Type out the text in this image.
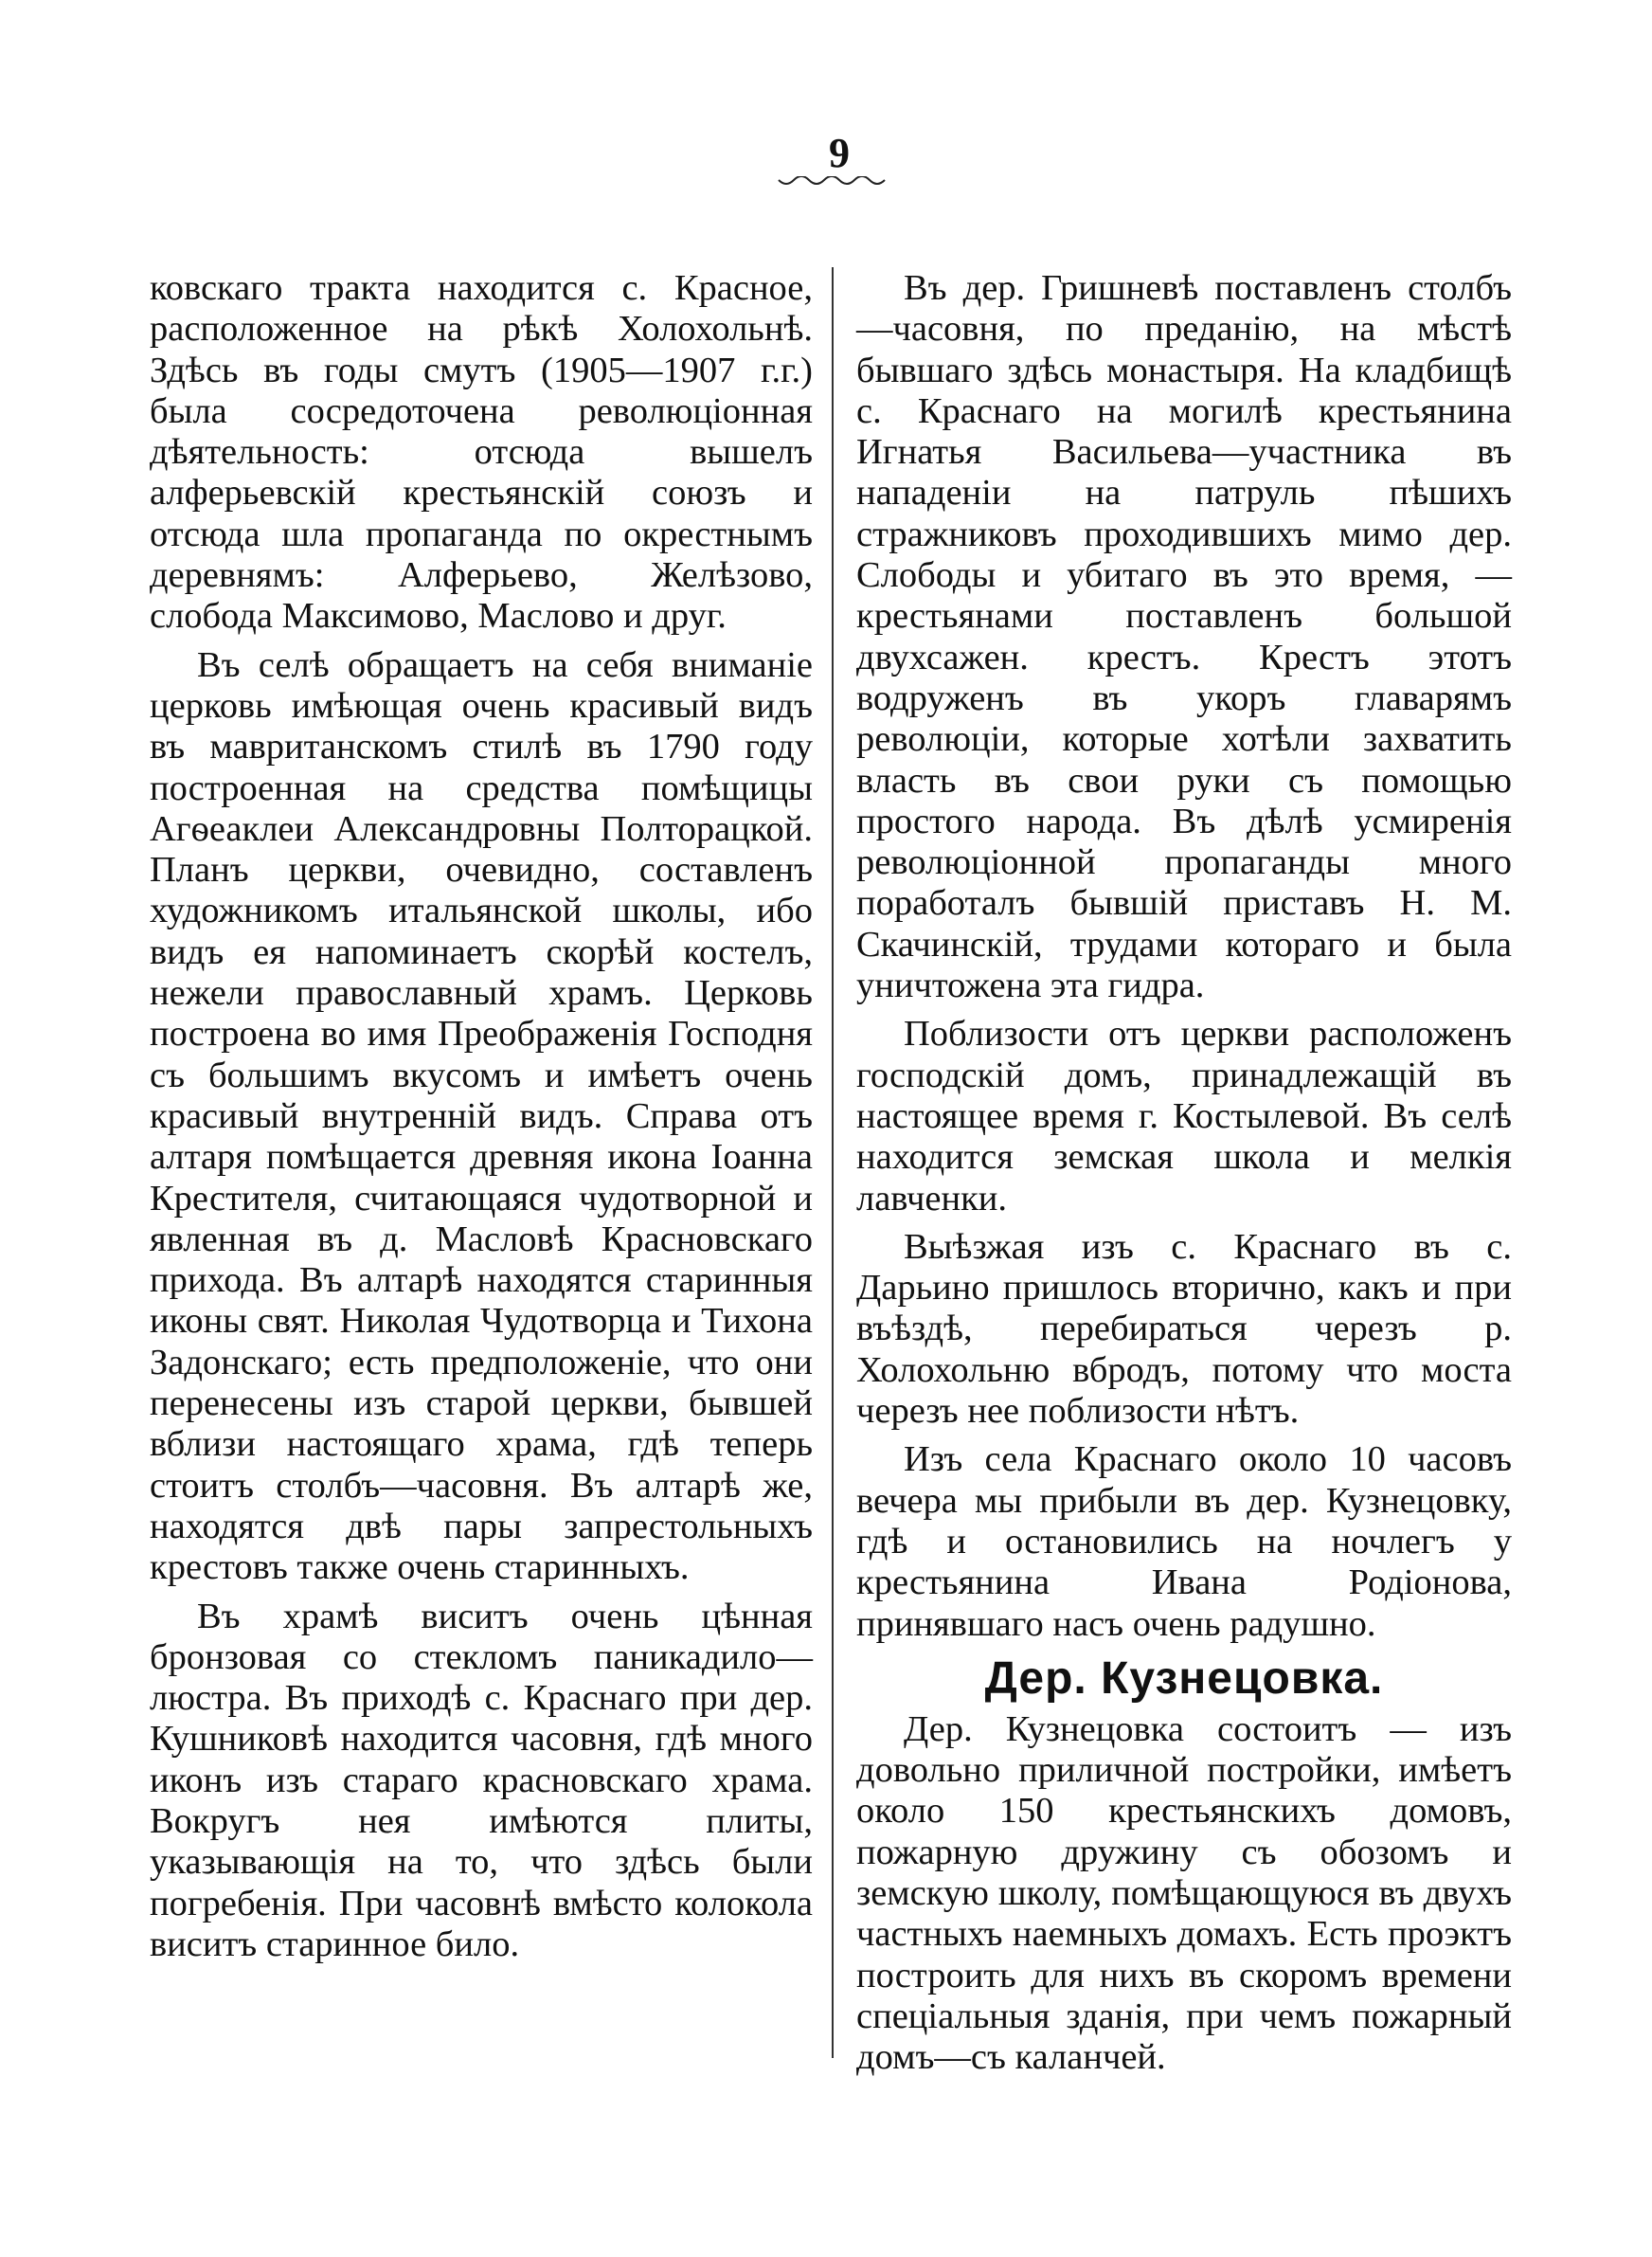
9

ковскаго тракта находится с. Красное, расположенное на рѣкѣ Холохольнѣ. Здѣсь въ годы смутъ (1905—1907 г.г.) была сосредоточена революціонная дѣятельность: отсюда вышелъ алферьевскій крестьянскій союзъ и отсюда шла пропаганда по окрестнымъ деревнямъ: Алферьево, Желѣзово, слобода Максимово, Маслово и друг.

Въ селѣ обращаетъ на себя вниманіе церковь имѣющая очень красивый видъ въ мавританскомъ стилѣ въ 1790 году построенная на средства помѣщицы Агѳеаклеи Александровны Полторацкой. Планъ церкви, очевидно, составленъ художникомъ итальянской школы, ибо видъ ея напоминаетъ скорѣй костелъ, нежели православный храмъ. Церковь построена во имя Преображенія Господня съ большимъ вкусомъ и имѣетъ очень красивый внутренній видъ. Справа отъ алтаря помѣщается древняя икона Іоанна Крестителя, считающаяся чудотворной и явленная въ д. Масловѣ Красновскаго прихода. Въ алтарѣ находятся старинныя иконы свят. Николая Чудотворца и Тихона Задонскаго; есть предположеніе, что они перенесены изъ старой церкви, бывшей вблизи настоящаго храма, гдѣ теперь стоитъ столбъ—часовня. Въ алтарѣ же, находятся двѣ пары запрестольныхъ крестовъ также очень старинныхъ.

Въ храмѣ виситъ очень цѣнная бронзовая со стекломъ паникадило—люстра. Въ приходѣ с. Краснаго при дер. Кушниковѣ находится часовня, гдѣ много иконъ изъ стараго красновскаго храма. Вокругъ нея имѣются плиты, указывающія на то, что здѣсь были погребенія. При часовнѣ вмѣсто колокола виситъ старинное било.

Въ дер. Гришневѣ поставленъ столбъ—часовня, по преданію, на мѣстѣ бывшаго здѣсь монастыря. На кладбищѣ с. Краснаго на могилѣ крестьянина Игнатья Васильева—участника въ нападеніи на патруль пѣшихъ стражниковъ проходившихъ мимо дер. Слободы и убитаго въ это время, — крестьянами поставленъ большой двухсажен. крестъ. Крестъ этотъ водруженъ въ укоръ главарямъ революціи, которые хотѣли захватить власть въ свои руки съ помощью простого народа. Въ дѣлѣ усмиренія революціонной пропаганды много поработалъ бывшій приставъ Н. М. Скачинскій, трудами котораго и была уничтожена эта гидра.

Поблизости отъ церкви расположенъ господскій домъ, принадлежащій въ настоящее время г. Костылевой. Въ селѣ находится земская школа и мелкія лавченки.

Выѣзжая изъ с. Краснаго въ с. Дарьино пришлось вторично, какъ и при въѣздѣ, перебираться черезъ р. Холохольню вбродъ, потому что моста черезъ нее поблизости нѣтъ.

Изъ села Краснаго около 10 часовъ вечера мы прибыли въ дер. Кузнецовку, гдѣ и остановились на ночлегъ у крестьянина Ивана Родіонова, принявшаго насъ очень радушно.

Дер. Кузнецовка.

Дер. Кузнецовка состоитъ — изъ довольно приличной постройки, имѣетъ около 150 крестьянскихъ домовъ, пожарную дружину съ обозомъ и земскую школу, помѣщающуюся въ двухъ частныхъ наемныхъ домахъ. Есть проэктъ построить для нихъ въ скоромъ времени спеціальныя зданія, при чемъ пожарный домъ—съ каланчей.
